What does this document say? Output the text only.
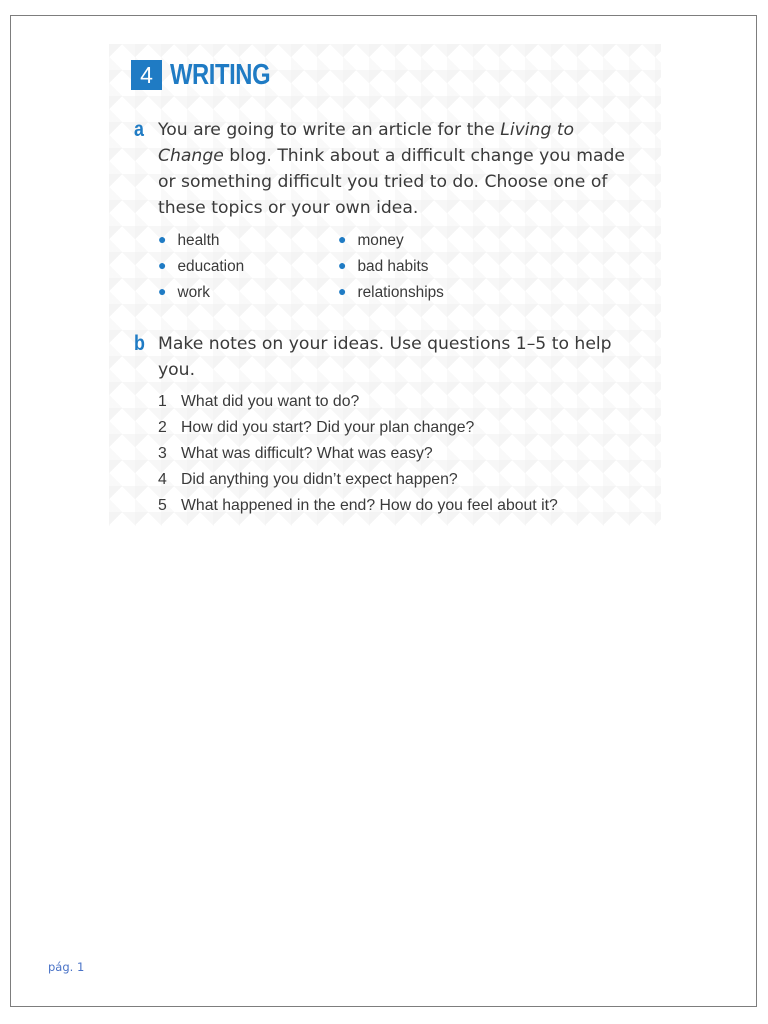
4 WRITING
a You are going to write an article for the Living to Change blog. Think about a difficult change you made or something difficult you tried to do. Choose one of these topics or your own idea.
● health
● education
● work
● money
● bad habits
● relationships
b Make notes on your ideas. Use questions 1–5 to help you.
1 What did you want to do?
2 How did you start? Did your plan change?
3 What was difficult? What was easy?
4 Did anything you didn’t expect happen?
5 What happened in the end? How do you feel about it?
pág. 1
